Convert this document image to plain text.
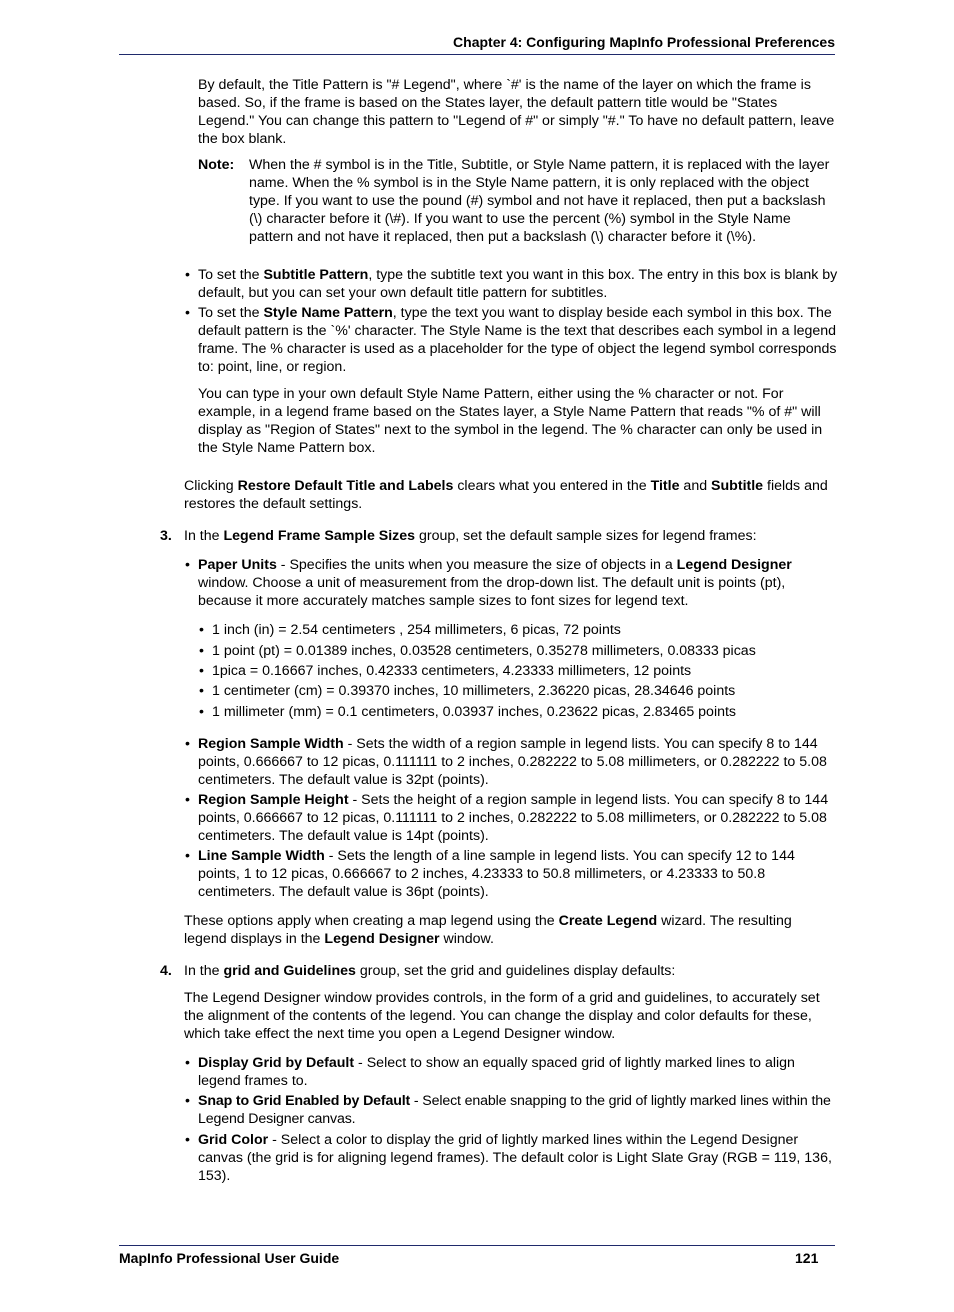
Chapter 4: Configuring MapInfo Professional Preferences

By default, the Title Pattern is "# Legend", where `#' is the name of the layer on which the frame is based. So, if the frame is based on the States layer, the default pattern title would be "States Legend." You can change this pattern to "Legend of #" or simply "#." To have no default pattern, leave the box blank.

Note: When the # symbol is in the Title, Subtitle, or Style Name pattern, it is replaced with the layer name. When the % symbol is in the Style Name pattern, it is only replaced with the object type. If you want to use the pound (#) symbol and not have it replaced, then put a backslash (\) character before it (\#). If you want to use the percent (%) symbol in the Style Name pattern and not have it replaced, then put a backslash (\) character before it (\%).

• To set the Subtitle Pattern, type the subtitle text you want in this box. The entry in this box is blank by default, but you can set your own default title pattern for subtitles.

• To set the Style Name Pattern, type the text you want to display beside each symbol in this box. The default pattern is the `%' character. The Style Name is the text that describes each symbol in a legend frame. The % character is used as a placeholder for the type of object the legend symbol corresponds to: point, line, or region.

You can type in your own default Style Name Pattern, either using the % character or not. For example, in a legend frame based on the States layer, a Style Name Pattern that reads "% of #" will display as "Region of States" next to the symbol in the legend. The % character can only be used in the Style Name Pattern box.

Clicking Restore Default Title and Labels clears what you entered in the Title and Subtitle fields and restores the default settings.

3. In the Legend Frame Sample Sizes group, set the default sample sizes for legend frames:

• Paper Units - Specifies the units when you measure the size of objects in a Legend Designer window. Choose a unit of measurement from the drop-down list. The default unit is points (pt), because it more accurately matches sample sizes to font sizes for legend text.

• 1 inch (in) = 2.54 centimeters , 254 millimeters, 6 picas, 72 points
• 1 point (pt) = 0.01389 inches, 0.03528 centimeters, 0.35278 millimeters, 0.08333 picas
• 1pica = 0.16667 inches, 0.42333 centimeters, 4.23333 millimeters, 12 points
• 1 centimeter (cm) = 0.39370 inches, 10 millimeters, 2.36220 picas, 28.34646 points
• 1 millimeter (mm) = 0.1 centimeters, 0.03937 inches, 0.23622 picas, 2.83465 points
• Region Sample Width - Sets the width of a region sample in legend lists. You can specify 8 to 144 points, 0.666667 to 12 picas, 0.111111 to 2 inches, 0.282222 to 5.08 millimeters, or 0.282222 to 5.08 centimeters. The default value is 32pt (points).

• Region Sample Height - Sets the height of a region sample in legend lists. You can specify 8 to 144 points, 0.666667 to 12 picas, 0.111111 to 2 inches, 0.282222 to 5.08 millimeters, or 0.282222 to 5.08 centimeters. The default value is 14pt (points).

• Line Sample Width - Sets the length of a line sample in legend lists. You can specify 12 to 144 points, 1 to 12 picas, 0.666667 to 2 inches, 4.23333 to 50.8 millimeters, or 4.23333 to 50.8 centimeters. The default value is 36pt (points).

These options apply when creating a map legend using the Create Legend wizard. The resulting legend displays in the Legend Designer window.

4. In the grid and Guidelines group, set the grid and guidelines display defaults:

The Legend Designer window provides controls, in the form of a grid and guidelines, to accurately set the alignment of the contents of the legend. You can change the display and color defaults for these, which take effect the next time you open a Legend Designer window.

• Display Grid by Default - Select to show an equally spaced grid of lightly marked lines to align legend frames to.

• Snap to Grid Enabled by Default - Select enable snapping to the grid of lightly marked lines within the Legend Designer canvas.

• Grid Color - Select a color to display the grid of lightly marked lines within the Legend Designer canvas (the grid is for aligning legend frames). The default color is Light Slate Gray (RGB = 119, 136, 153).

MapInfo Professional User Guide	121
